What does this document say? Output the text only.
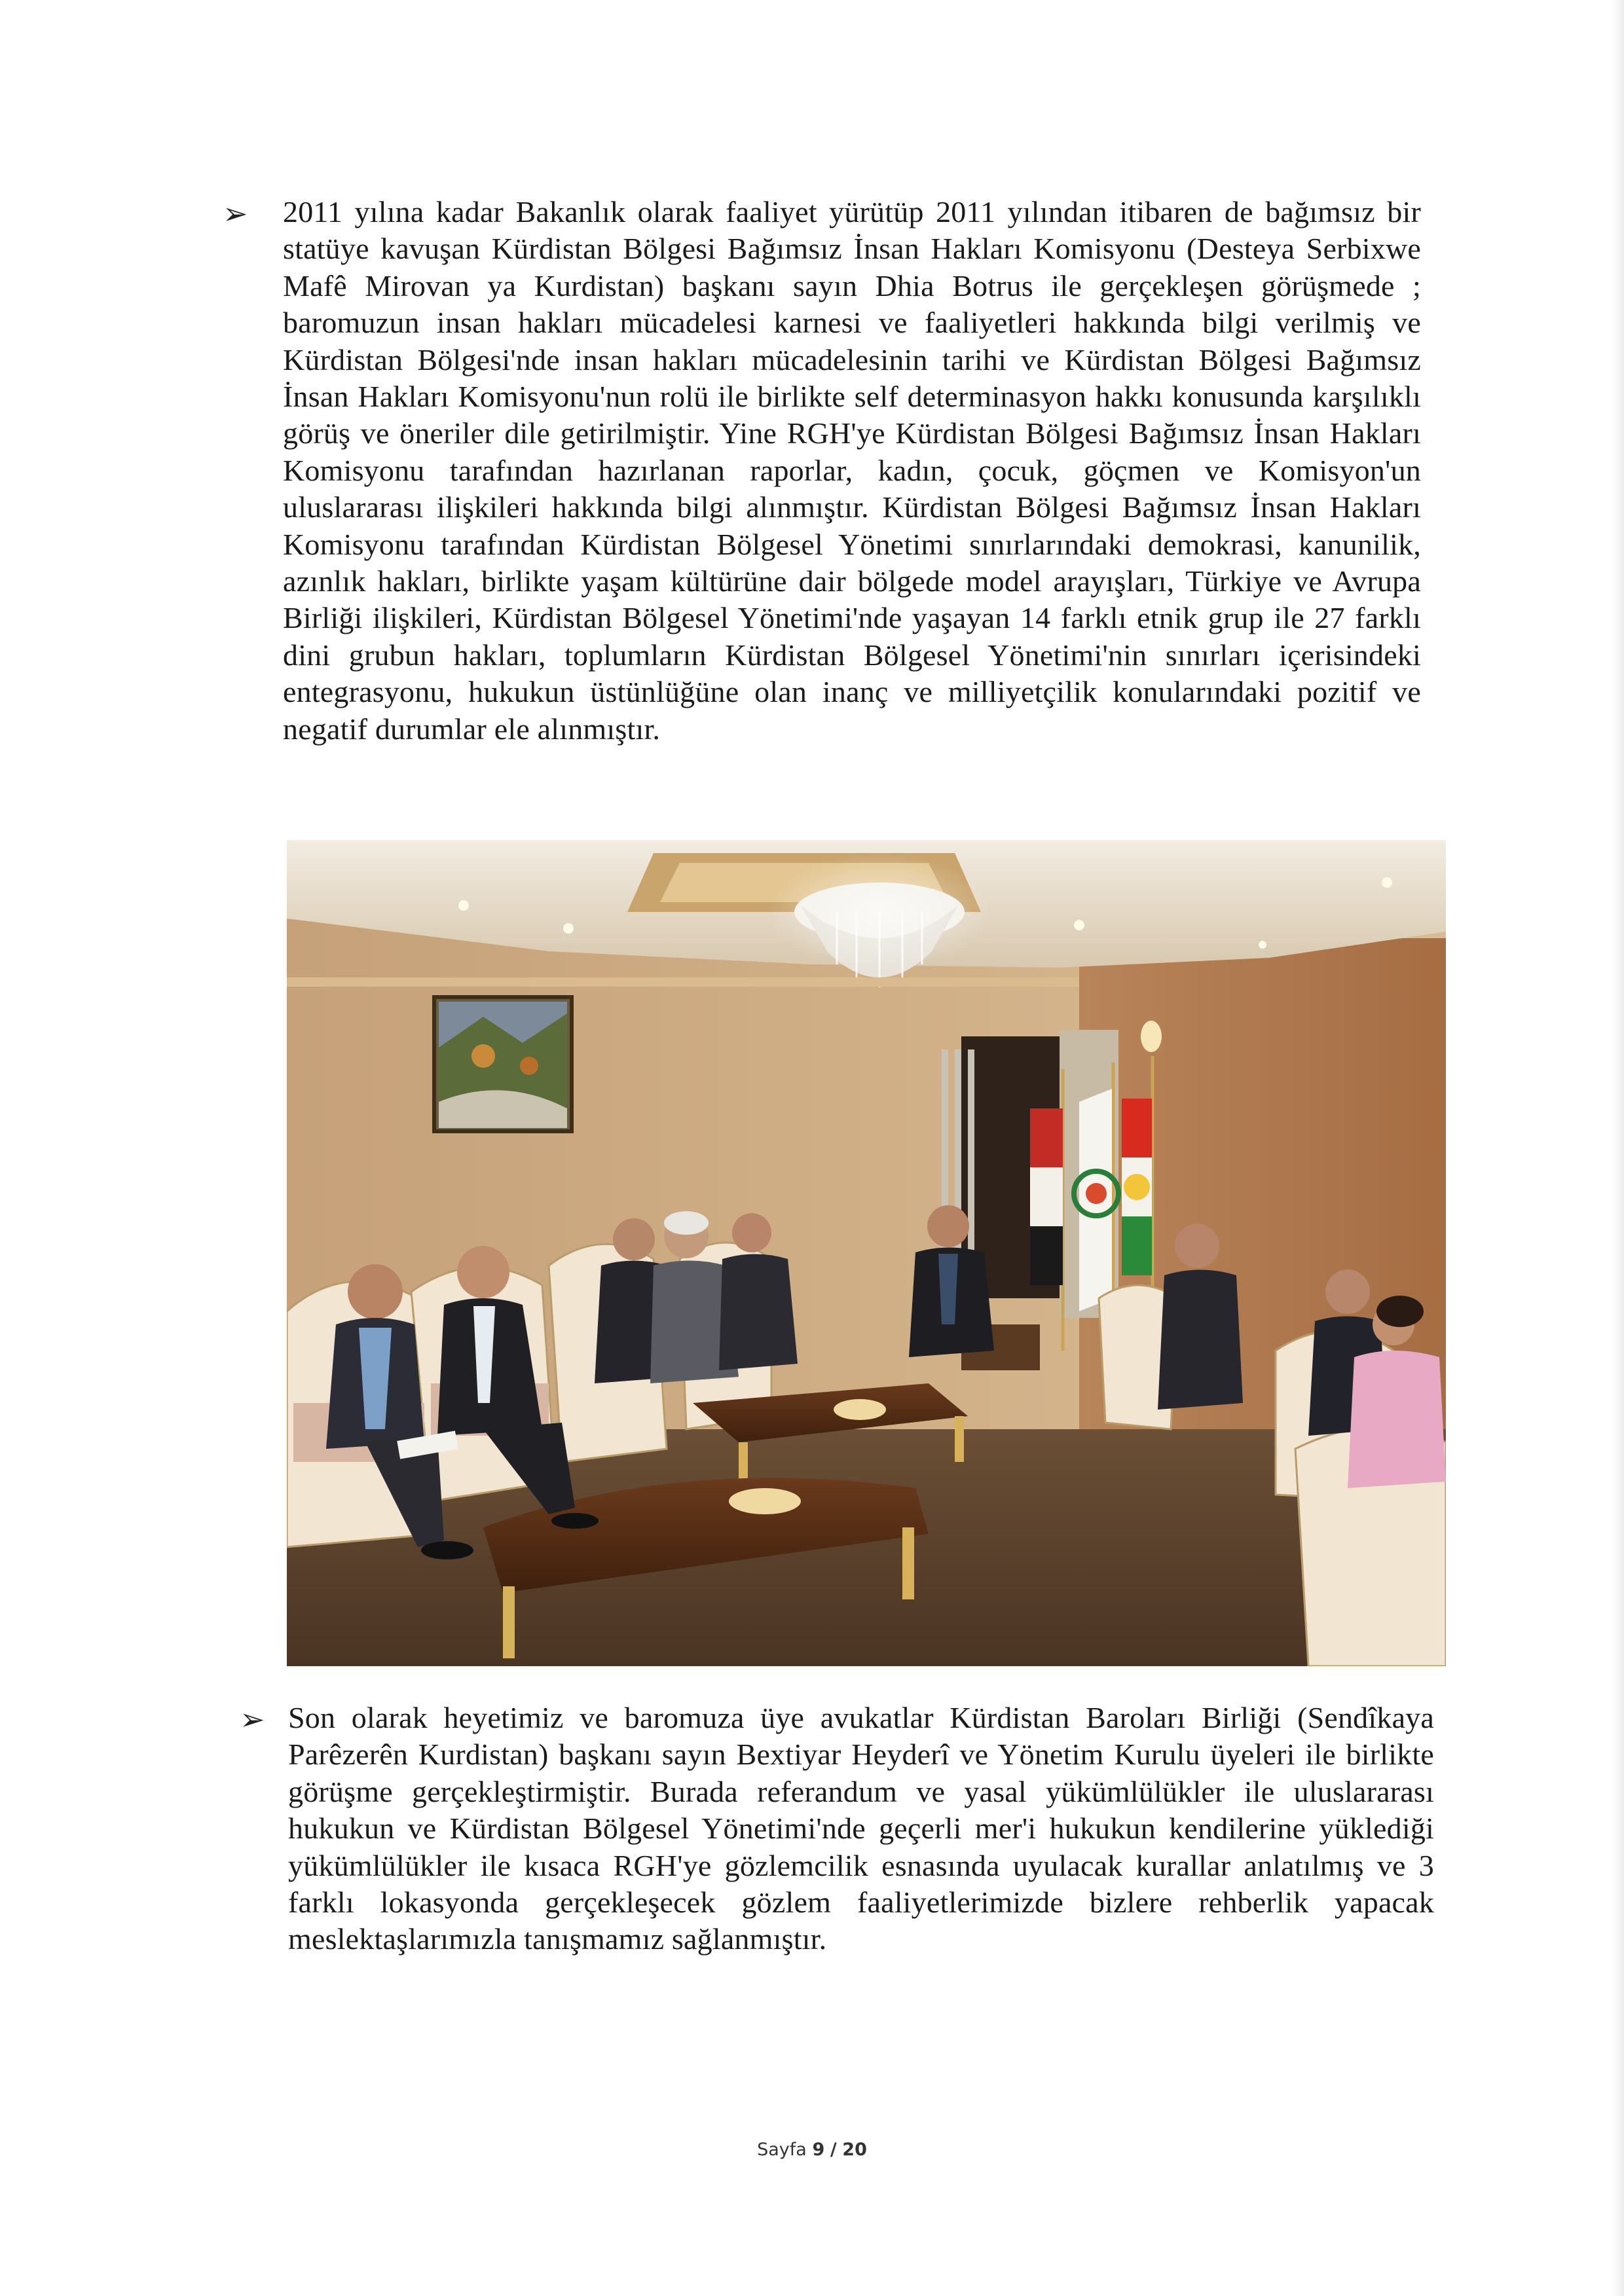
➢ 2011 yılına kadar Bakanlık olarak faaliyet yürütüp 2011 yılından itibaren de bağımsız bir statüye kavuşan Kürdistan Bölgesi Bağımsız İnsan Hakları Komisyonu (Desteya Serbixwe Mafê Mirovan ya Kurdistan) başkanı sayın Dhia Botrus ile gerçekleşen görüşmede ; baromuzun insan hakları mücadelesi karnesi ve faaliyetleri hakkında bilgi verilmiş ve Kürdistan Bölgesi'nde insan hakları mücadelesinin tarihi ve Kürdistan Bölgesi Bağımsız İnsan Hakları Komisyonu'nun rolü ile birlikte self determinasyon hakkı konusunda karşılıklı görüş ve öneriler dile getirilmiştir. Yine RGH'ye Kürdistan Bölgesi Bağımsız İnsan Hakları Komisyonu tarafından hazırlanan raporlar, kadın, çocuk, göçmen ve Komisyon'un uluslararası ilişkileri hakkında bilgi alınmıştır. Kürdistan Bölgesi Bağımsız İnsan Hakları Komisyonu tarafından Kürdistan Bölgesel Yönetimi sınırlarındaki demokrasi, kanunilik, azınlık hakları, birlikte yaşam kültürüne dair bölgede model arayışları, Türkiye ve Avrupa Birliği ilişkileri, Kürdistan Bölgesel Yönetimi'nde yaşayan 14 farklı etnik grup ile 27 farklı dini grubun hakları, toplumların Kürdistan Bölgesel Yönetimi'nin sınırları içerisindeki entegrasyonu, hukukun üstünlüğüne olan inanç ve milliyetçilik konularındaki pozitif ve negatif durumlar ele alınmıştır.
➢ Son olarak heyetimiz ve baromuza üye avukatlar Kürdistan Baroları Birliği (Sendîkaya Parêzerên Kurdistan) başkanı sayın Bextiyar Heyderî ve Yönetim Kurulu üyeleri ile birlikte görüşme gerçekleştirmiştir. Burada referandum ve yasal yükümlülükler ile uluslararası hukukun ve Kürdistan Bölgesel Yönetimi'nde geçerli mer'i hukukun kendilerine yüklediği yükümlülükler ile kısaca RGH'ye gözlemcilik esnasında uyulacak kurallar anlatılmış ve 3 farklı lokasyonda gerçekleşecek gözlem faaliyetlerimizde bizlere rehberlik yapacak meslektaşlarımızla tanışmamız sağlanmıştır.
Sayfa 9 / 20
